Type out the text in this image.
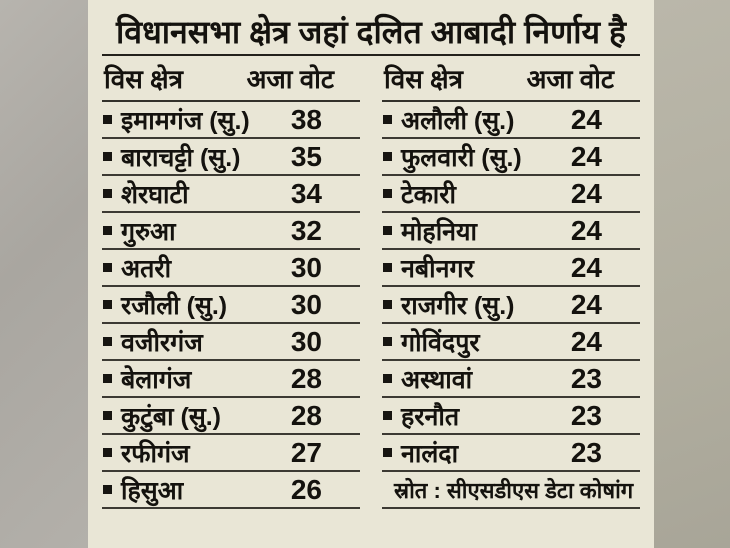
विधानसभा क्षेत्र जहां दलित आबादी निर्णाय है
विस क्षेत्र अजा वोट
इमामगंज (सु.)	38
बाराचट्टी (सु.)	35
शेरघाटी	34
गुरुआ	32
अतरी	30
रजौली (सु.)	30
वजीरगंज	30
बेलागंज	28
कुटुंबा (सु.)	28
रफीगंज	27
हिसुआ	26
विस क्षेत्र अजा वोट
अलौली (सु.)	24
फुलवारी (सु.)	24
टेकारी	24
मोहनिया	24
नबीनगर	24
राजगीर (सु.)	24
गोविंदपुर	24
अस्थावां	23
हरनौत	23
नालंदा	23
स्रोत : सीएसडीएस डेटा कोषांग
